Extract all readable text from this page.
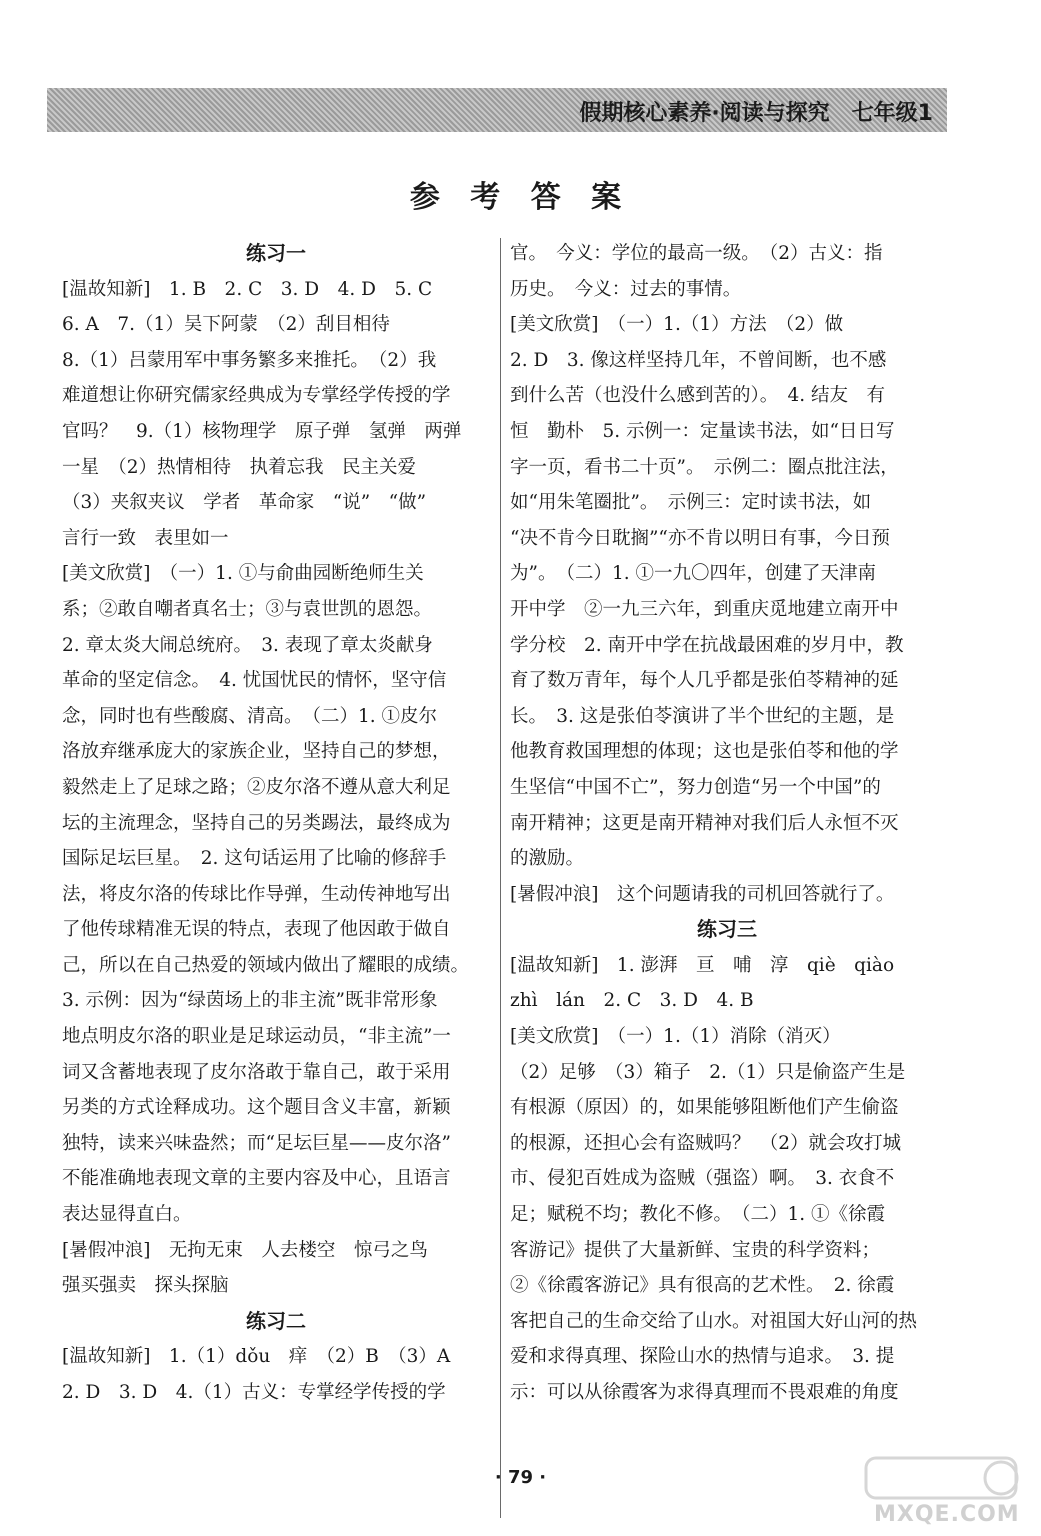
假期核心素养·阅读与探究　七年级1
参 考 答 案
练习一
[温故知新]　1. B　2. C　3. D　4. D　5. C
6. A　7.（1）吴下阿蒙　（2）刮目相待
8.（1）吕蒙用军中事务繁多来推托。　（2）我
难道想让你研究儒家经典成为专掌经学传授的学
官吗？　9.（1）核物理学　原子弹　氢弹　两弹
一星　（2）热情相待　执着忘我　民主关爱
（3）夹叙夹议　学者　革命家　“说”　“做”
言行一致　表里如一
[美文欣赏]　（一）1. ①与俞曲园断绝师生关
系；②敢自嘲者真名士；③与袁世凯的恩怨。
2. 章太炎大闹总统府。　3. 表现了章太炎献身
革命的坚定信念。　4. 忧国忧民的情怀，坚守信
念，同时也有些酸腐、清高。　（二）1. ①皮尔
洛放弃继承庞大的家族企业，坚持自己的梦想，
毅然走上了足球之路；②皮尔洛不遵从意大利足
坛的主流理念，坚持自己的另类踢法，最终成为
国际足坛巨星。　2. 这句话运用了比喻的修辞手
法，将皮尔洛的传球比作导弹，生动传神地写出
了他传球精准无误的特点，表现了他因敢于做自
己，所以在自己热爱的领域内做出了耀眼的成绩。
3. 示例：因为“绿茵场上的非主流”既非常形象
地点明皮尔洛的职业是足球运动员，“非主流”一
词又含蓄地表现了皮尔洛敢于靠自己，敢于采用
另类的方式诠释成功。这个题目含义丰富，新颖
独特，读来兴味盎然；而“足坛巨星——皮尔洛”
不能准确地表现文章的主要内容及中心，且语言
表达显得直白。
[暑假冲浪]　无拘无束　人去楼空　惊弓之鸟
强买强卖　探头探脑
练习二
[温故知新]　1.（1）dǒu　痒　（2）B　（3）A
2. D　3. D　4.（1）古义：专掌经学传授的学
官。　今义：学位的最高一级。　（2）古义：指
历史。　今义：过去的事情。
[美文欣赏]　（一）1.（1）方法　（2）做
2. D　3. 像这样坚持几年，不曾间断，也不感
到什么苦（也没什么感到苦的）。　4. 结友　有
恒　勤朴　5. 示例一：定量读书法，如“日日写
字一页，看书二十页”。　示例二：圈点批注法，
如“用朱笔圈批”。　示例三：定时读书法，如
“决不肯今日耽搁”“亦不肯以明日有事，今日预
为”。　（二）1. ①一九〇四年，创建了天津南
开中学　②一九三六年，到重庆觅地建立南开中
学分校　2. 南开中学在抗战最困难的岁月中，教
育了数万青年，每个人几乎都是张伯苓精神的延
长。　3. 这是张伯苓演讲了半个世纪的主题，是
他教育救国理想的体现；这也是张伯苓和他的学
生坚信“中国不亡”，努力创造“另一个中国”的
南开精神；这更是南开精神对我们后人永恒不灭
的激励。
[暑假冲浪]　这个问题请我的司机回答就行了。
练习三
[温故知新]　1. 澎湃　亘　哺　淳　qiè　qiào
zhì　lán　2. C　3. D　4. B
[美文欣赏]　（一）1.（1）消除（消灭）
（2）足够　（3）箱子　2.（1）只是偷盗产生是
有根源（原因）的，如果能够阻断他们产生偷盗
的根源，还担心会有盗贼吗？　（2）就会攻打城
市、侵犯百姓成为盗贼（强盗）啊。　3. 衣食不
足；赋税不均；教化不修。　（二）1. ①《徐霞
客游记》提供了大量新鲜、宝贵的科学资料；
②《徐霞客游记》具有很高的艺术性。　2. 徐霞
客把自己的生命交给了山水。对祖国大好山河的热
爱和求得真理、探险山水的热情与追求。　3. 提
示：可以从徐霞客为求得真理而不畏艰难的角度
· 79 ·
MXQE.COM
